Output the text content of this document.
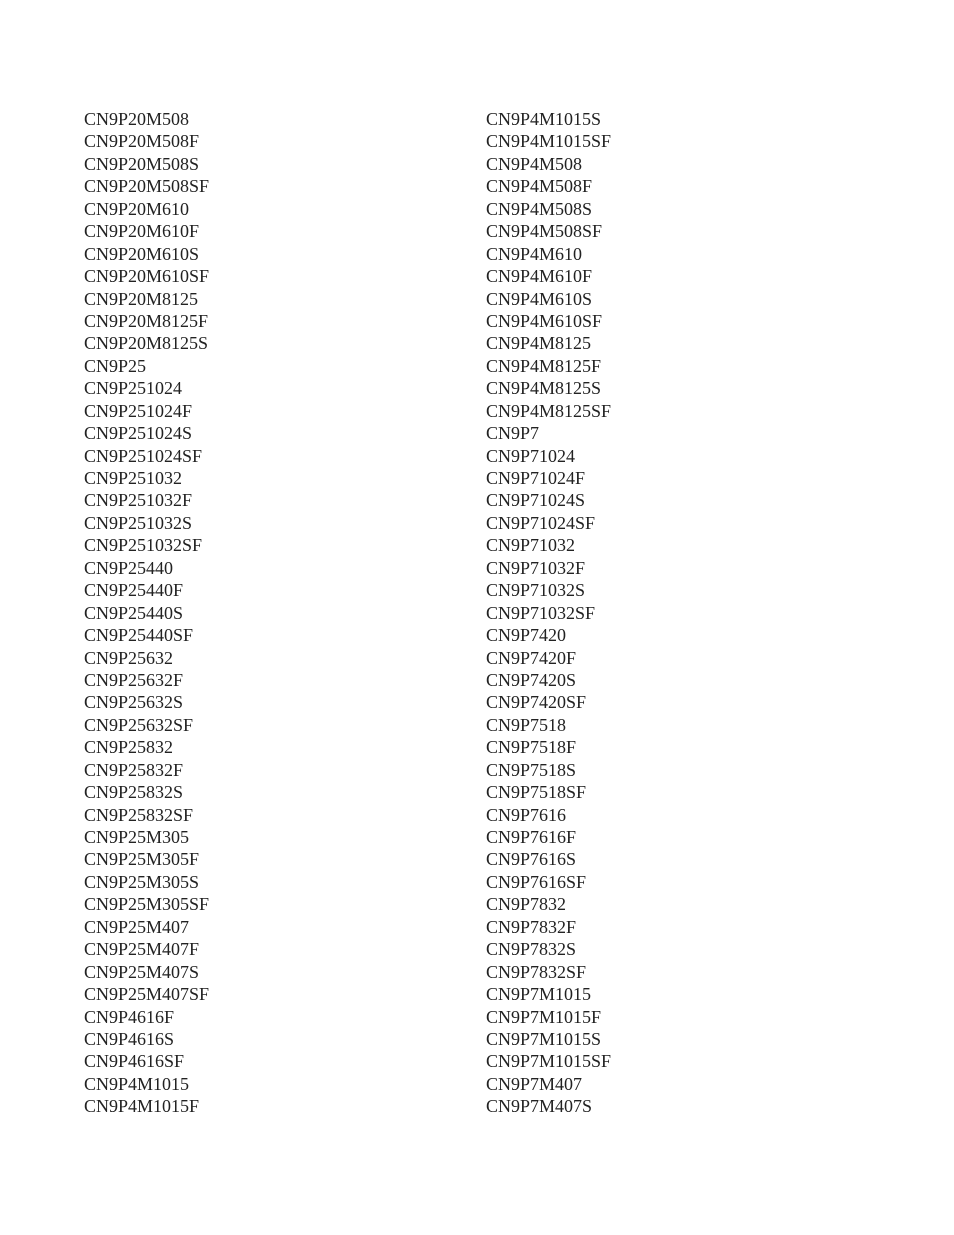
CN9P20M508
CN9P20M508F
CN9P20M508S
CN9P20M508SF
CN9P20M610
CN9P20M610F
CN9P20M610S
CN9P20M610SF
CN9P20M8125
CN9P20M8125F
CN9P20M8125S
CN9P25
CN9P251024
CN9P251024F
CN9P251024S
CN9P251024SF
CN9P251032
CN9P251032F
CN9P251032S
CN9P251032SF
CN9P25440
CN9P25440F
CN9P25440S
CN9P25440SF
CN9P25632
CN9P25632F
CN9P25632S
CN9P25632SF
CN9P25832
CN9P25832F
CN9P25832S
CN9P25832SF
CN9P25M305
CN9P25M305F
CN9P25M305S
CN9P25M305SF
CN9P25M407
CN9P25M407F
CN9P25M407S
CN9P25M407SF
CN9P4616F
CN9P4616S
CN9P4616SF
CN9P4M1015
CN9P4M1015F
CN9P4M1015S
CN9P4M1015SF
CN9P4M508
CN9P4M508F
CN9P4M508S
CN9P4M508SF
CN9P4M610
CN9P4M610F
CN9P4M610S
CN9P4M610SF
CN9P4M8125
CN9P4M8125F
CN9P4M8125S
CN9P4M8125SF
CN9P7
CN9P71024
CN9P71024F
CN9P71024S
CN9P71024SF
CN9P71032
CN9P71032F
CN9P71032S
CN9P71032SF
CN9P7420
CN9P7420F
CN9P7420S
CN9P7420SF
CN9P7518
CN9P7518F
CN9P7518S
CN9P7518SF
CN9P7616
CN9P7616F
CN9P7616S
CN9P7616SF
CN9P7832
CN9P7832F
CN9P7832S
CN9P7832SF
CN9P7M1015
CN9P7M1015F
CN9P7M1015S
CN9P7M1015SF
CN9P7M407
CN9P7M407S
